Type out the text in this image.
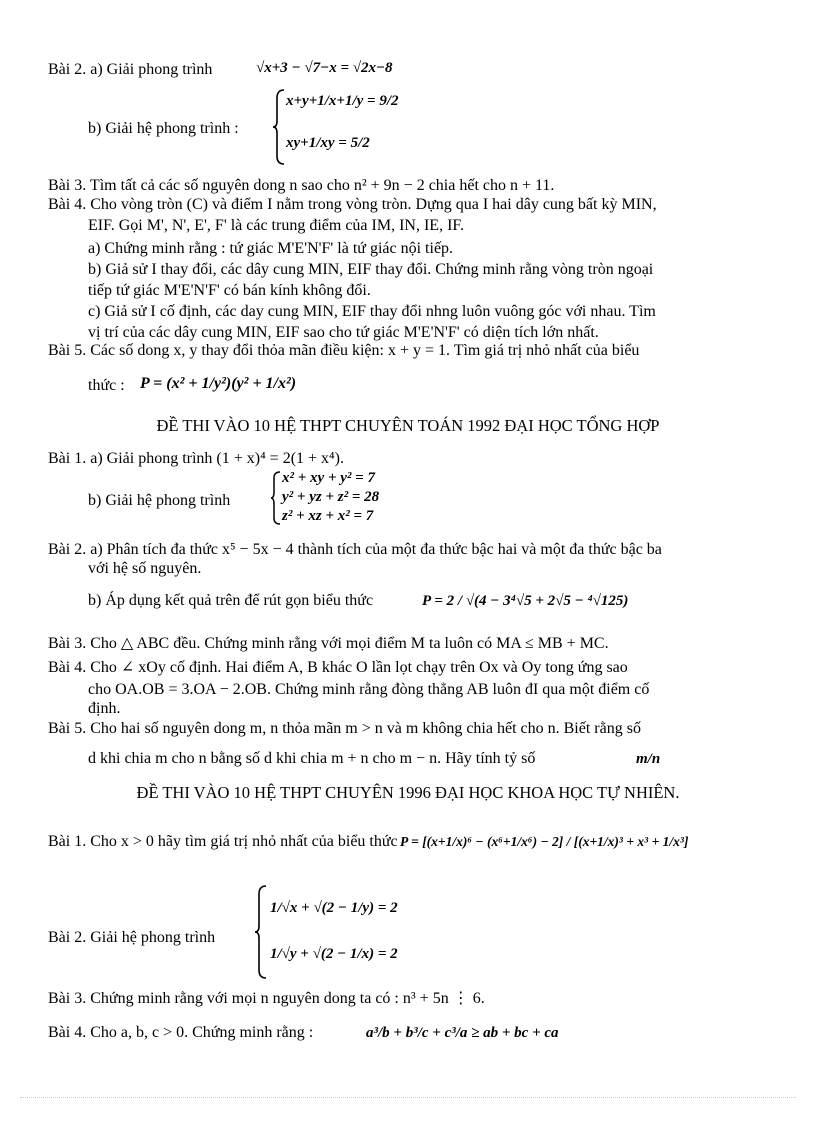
Bài 2. a) Giải phong trình	√x+3 − √7−x = √2x−8
b) Giải hệ phong trình :
x+y+1/x+1/y = 9/2
xy+1/xy = 5/2
Bài 3. Tìm tất cả các số nguyên dong n sao cho n² + 9n − 2 chia hết cho n + 11.
Bài 4. Cho vòng tròn (C) và điểm I nằm trong vòng tròn. Dựng qua I hai dây cung bất kỳ MIN,
EIF. Gọi M', N', E', F' là các trung điểm của IM, IN, IE, IF.
a) Chứng minh rằng : tứ giác M'E'N'F' là tứ giác nội tiếp.
b) Giả sử I thay đổi, các dây cung MIN, EIF thay đổi. Chứng minh rằng vòng tròn ngoại
tiếp tứ giác M'E'N'F' có bán kính không đổi.
c) Giả sử I cố định, các day cung MIN, EIF thay đổi nhng luôn vuông góc với nhau. Tìm
vị trí của các dây cung MIN, EIF sao cho tứ giác M'E'N'F' có diện tích lớn nhất.
Bài 5. Các số dong x, y thay đổi thỏa mãn điều kiện: x + y = 1. Tìm giá trị nhỏ nhất của biểu
thức : P = (x² + 1/y²)(y² + 1/x²)
ĐỀ THI VÀO 10 HỆ THPT CHUYÊN TOÁN 1992 ĐẠI HỌC TỔNG HỢP
Bài 1. a) Giải phong trình (1 + x)⁴ = 2(1 + x⁴).
b) Giải hệ phong trình
x² + xy + y² = 7
y² + yz + z² = 28
z² + xz + x² = 7
Bài 2. a) Phân tích đa thức x⁵ − 5x − 4 thành tích của một đa thức bậc hai và một đa thức bậc ba
với hệ số nguyên.
b) Áp dụng kết quả trên để rút gọn biểu thức	P = 2 / √(4 − 3⁴√5 + 2√5 − ⁴√125)
Bài 3. Cho △ ABC đều. Chứng minh rằng với mọi điểm M ta luôn có MA ≤ MB + MC.
Bài 4. Cho ∠ xOy cố định. Hai điểm A, B khác O lần lọt chạy trên Ox và Oy tong ứng sao
cho OA.OB = 3.OA − 2.OB. Chứng minh rằng đòng thẳng AB luôn đI qua một điểm cố
định.
Bài 5. Cho hai số nguyên dong m, n thỏa mãn m > n và m không chia hết cho n. Biết rằng số
d khi chia m cho n bằng số d khi chia m + n cho m − n. Hãy tính tỷ số	m/n
ĐỀ THI VÀO 10 HỆ THPT CHUYÊN 1996 ĐẠI HỌC KHOA HỌC TỰ NHIÊN.
Bài 1. Cho x > 0 hãy tìm giá trị nhỏ nhất của biểu thức P = [(x+1/x)⁶ − (x⁶+1/x⁶) − 2] / [(x+1/x)³ + x³ + 1/x³]
Bài 2. Giải hệ phong trình
1/√x + √(2 − 1/y) = 2
1/√y + √(2 − 1/x) = 2
Bài 3. Chứng minh rằng với mọi n nguyên dong ta có : n³ + 5n ⋮ 6.
Bài 4. Cho a, b, c > 0. Chứng minh rằng :	a³/b + b³/c + c³/a ≥ ab + bc + ca
